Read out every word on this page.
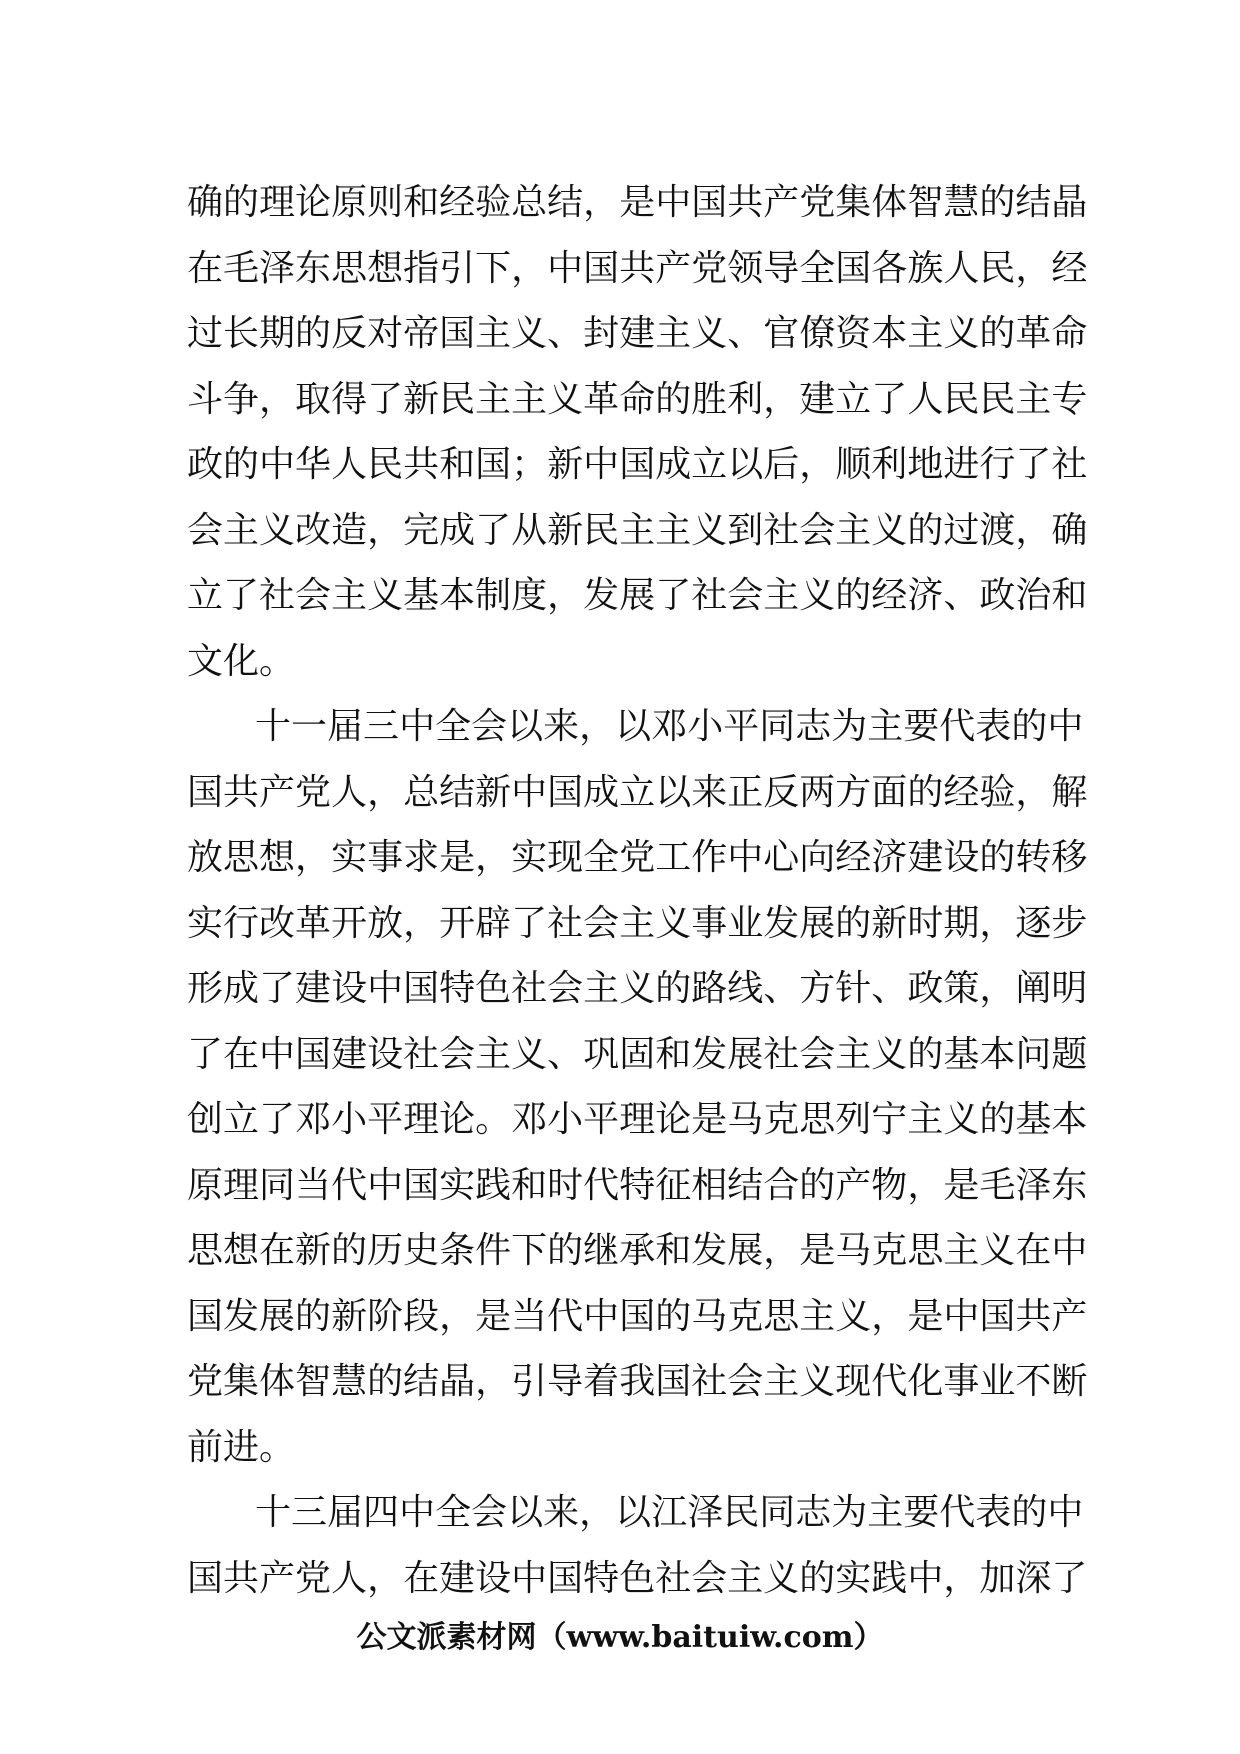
确 的 理 论 原 则 和 经 验 总 结 ， 是 中 国 共 产 党 集 体 智 慧 的 结 晶
在 毛 泽 东 思 想 指 引 下 ， 中 国 共 产 党 领 导 全 国 各 族 人 民 ， 经
过 长 期 的 反 对 帝 国 主 义 、 封 建 主 义 、 官 僚 资 本 主 义 的 革 命
斗 争 ， 取 得 了 新 民 主 主 义 革 命 的 胜 利 ， 建 立 了 人 民 民 主 专
政 的 中 华 人 民 共 和 国 ； 新 中 国 成 立 以 后 ， 顺 利 地 进 行 了 社
会 主 义 改 造 ， 完 成 了 从 新 民 主 主 义 到 社 会 主 义 的 过 渡 ， 确
立 了 社 会 主 义 基 本 制 度 ， 发 展 了 社 会 主 义 的 经 济 、 政 治 和
文 化 。
十 一 届 三 中 全 会 以 来 ， 以 邓 小 平 同 志 为 主 要 代 表 的 中
国 共 产 党 人 ， 总 结 新 中 国 成 立 以 来 正 反 两 方 面 的 经 验 ， 解
放 思 想 ， 实 事 求 是 ， 实 现 全 党 工 作 中 心 向 经 济 建 设 的 转 移
实 行 改 革 开 放 ， 开 辟 了 社 会 主 义 事 业 发 展 的 新 时 期 ， 逐 步
形 成 了 建 设 中 国 特 色 社 会 主 义 的 路 线 、 方 针 、 政 策 ， 阐 明
了 在 中 国 建 设 社 会 主 义 、 巩 固 和 发 展 社 会 主 义 的 基 本 问 题
创 立 了 邓 小 平 理 论 。 邓 小 平 理 论 是 马 克 思 列 宁 主 义 的 基 本
原 理 同 当 代 中 国 实 践 和 时 代 特 征 相 结 合 的 产 物 ， 是 毛 泽 东
思 想 在 新 的 历 史 条 件 下 的 继 承 和 发 展 ， 是 马 克 思 主 义 在 中
国 发 展 的 新 阶 段 ， 是 当 代 中 国 的 马 克 思 主 义 ， 是 中 国 共 产
党 集 体 智 慧 的 结 晶 ， 引 导 着 我 国 社 会 主 义 现 代 化 事 业 不 断
前 进 。
十 三 届 四 中 全 会 以 来 ， 以 江 泽 民 同 志 为 主 要 代 表 的 中
国 共 产 党 人 ， 在 建 设 中 国 特 色 社 会 主 义 的 实 践 中 ， 加 深 了
公文派素材网（www.baituiw.com）
